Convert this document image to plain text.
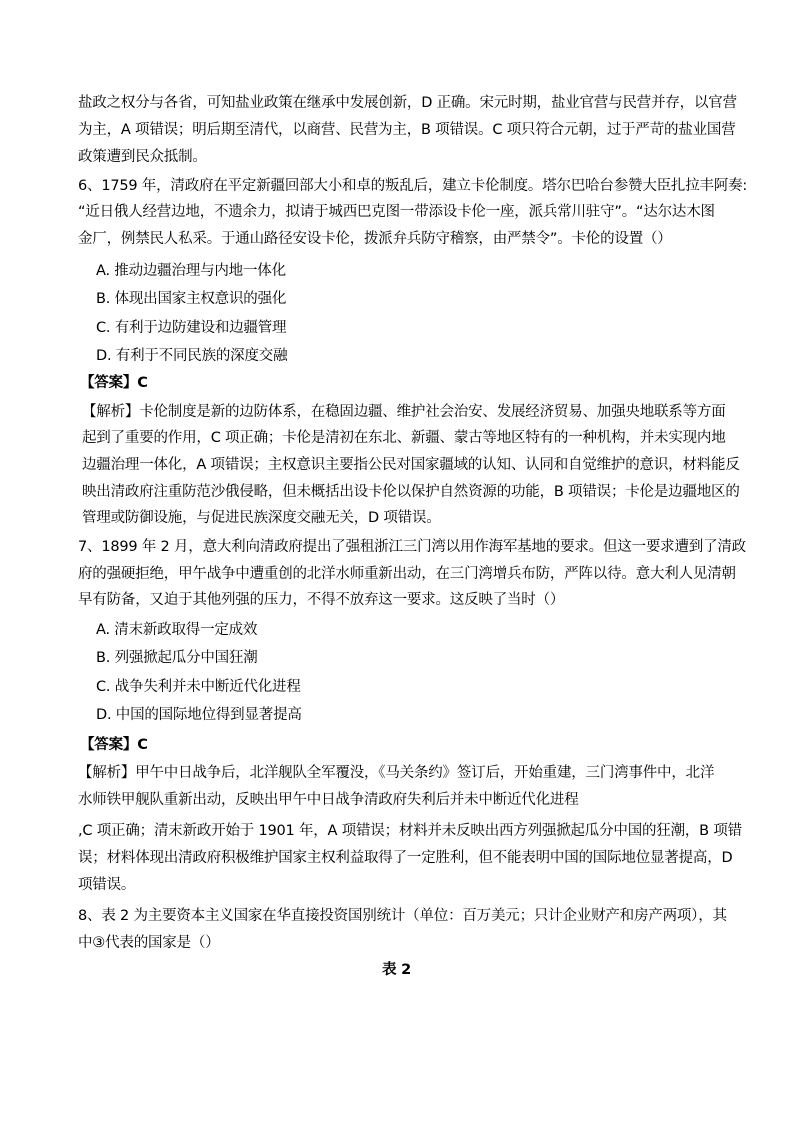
盐政之权分与各省，可知盐业政策在继承中发展创新，D 正确。宋元时期，盐业官营与民营并存，以官营
为主，A 项错误；明后期至清代，以商营、民营为主，B 项错误。C 项只符合元朝，过于严苛的盐业国营
政策遭到民众抵制。
6、1759 年，清政府在平定新疆回部大小和卓的叛乱后，建立卡伦制度。塔尔巴哈台参赞大臣扎拉丰阿奏:
“近日俄人经营边地，不遗余力，拟请于城西巴克图一带添设卡伦一座，派兵常川驻守”。“达尔达木图
金厂，例禁民人私采。于通山路径安设卡伦，拨派弁兵防守稽察，由严禁令”。卡伦的设置（）
A. 推动边疆治理与内地一体化
B. 体现出国家主权意识的强化
C. 有利于边防建设和边疆管理
D. 有利于不同民族的深度交融
【答案】C
【解析】卡伦制度是新的边防体系，在稳固边疆、维护社会治安、发展经济贸易、加强央地联系等方面
起到了重要的作用，C 项正确；卡伦是清初在东北、新疆、蒙古等地区特有的一种机构，并未实现内地
边疆治理一体化，A 项错误；主权意识主要指公民对国家疆域的认知、认同和自觉维护的意识，材料能反
映出清政府注重防范沙俄侵略，但未概括出设卡伦以保护自然资源的功能，B 项错误；卡伦是边疆地区的
管理或防御设施，与促进民族深度交融无关，D 项错误。
7、1899 年 2 月，意大利向清政府提出了强租浙江三门湾以用作海军基地的要求。但这一要求遭到了清政
府的强硬拒绝，甲午战争中遭重创的北洋水师重新出动，在三门湾增兵布防，严阵以待。意大利人见清朝
早有防备，又迫于其他列强的压力，不得不放弃这一要求。这反映了当时（）
A. 清末新政取得一定成效
B. 列强掀起瓜分中国狂潮
C. 战争失利并未中断近代化进程
D. 中国的国际地位得到显著提高
【答案】C
【解析】甲午中日战争后，北洋舰队全军覆没，《马关条约》签订后，开始重建，三门湾事件中，北洋
水师铁甲舰队重新出动，反映出甲午中日战争清政府失利后并未中断近代化进程
,C 项正确；清末新政开始于 1901 年，A 项错误；材料并未反映出西方列强掀起瓜分中国的狂潮，B 项错
误；材料体现出清政府积极维护国家主权利益取得了一定胜利，但不能表明中国的国际地位显著提高，D
项错误。
8、表 2 为主要资本主义国家在华直接投资国别统计（单位：百万美元；只计企业财产和房产两项），其
中③代表的国家是（）
表 2
